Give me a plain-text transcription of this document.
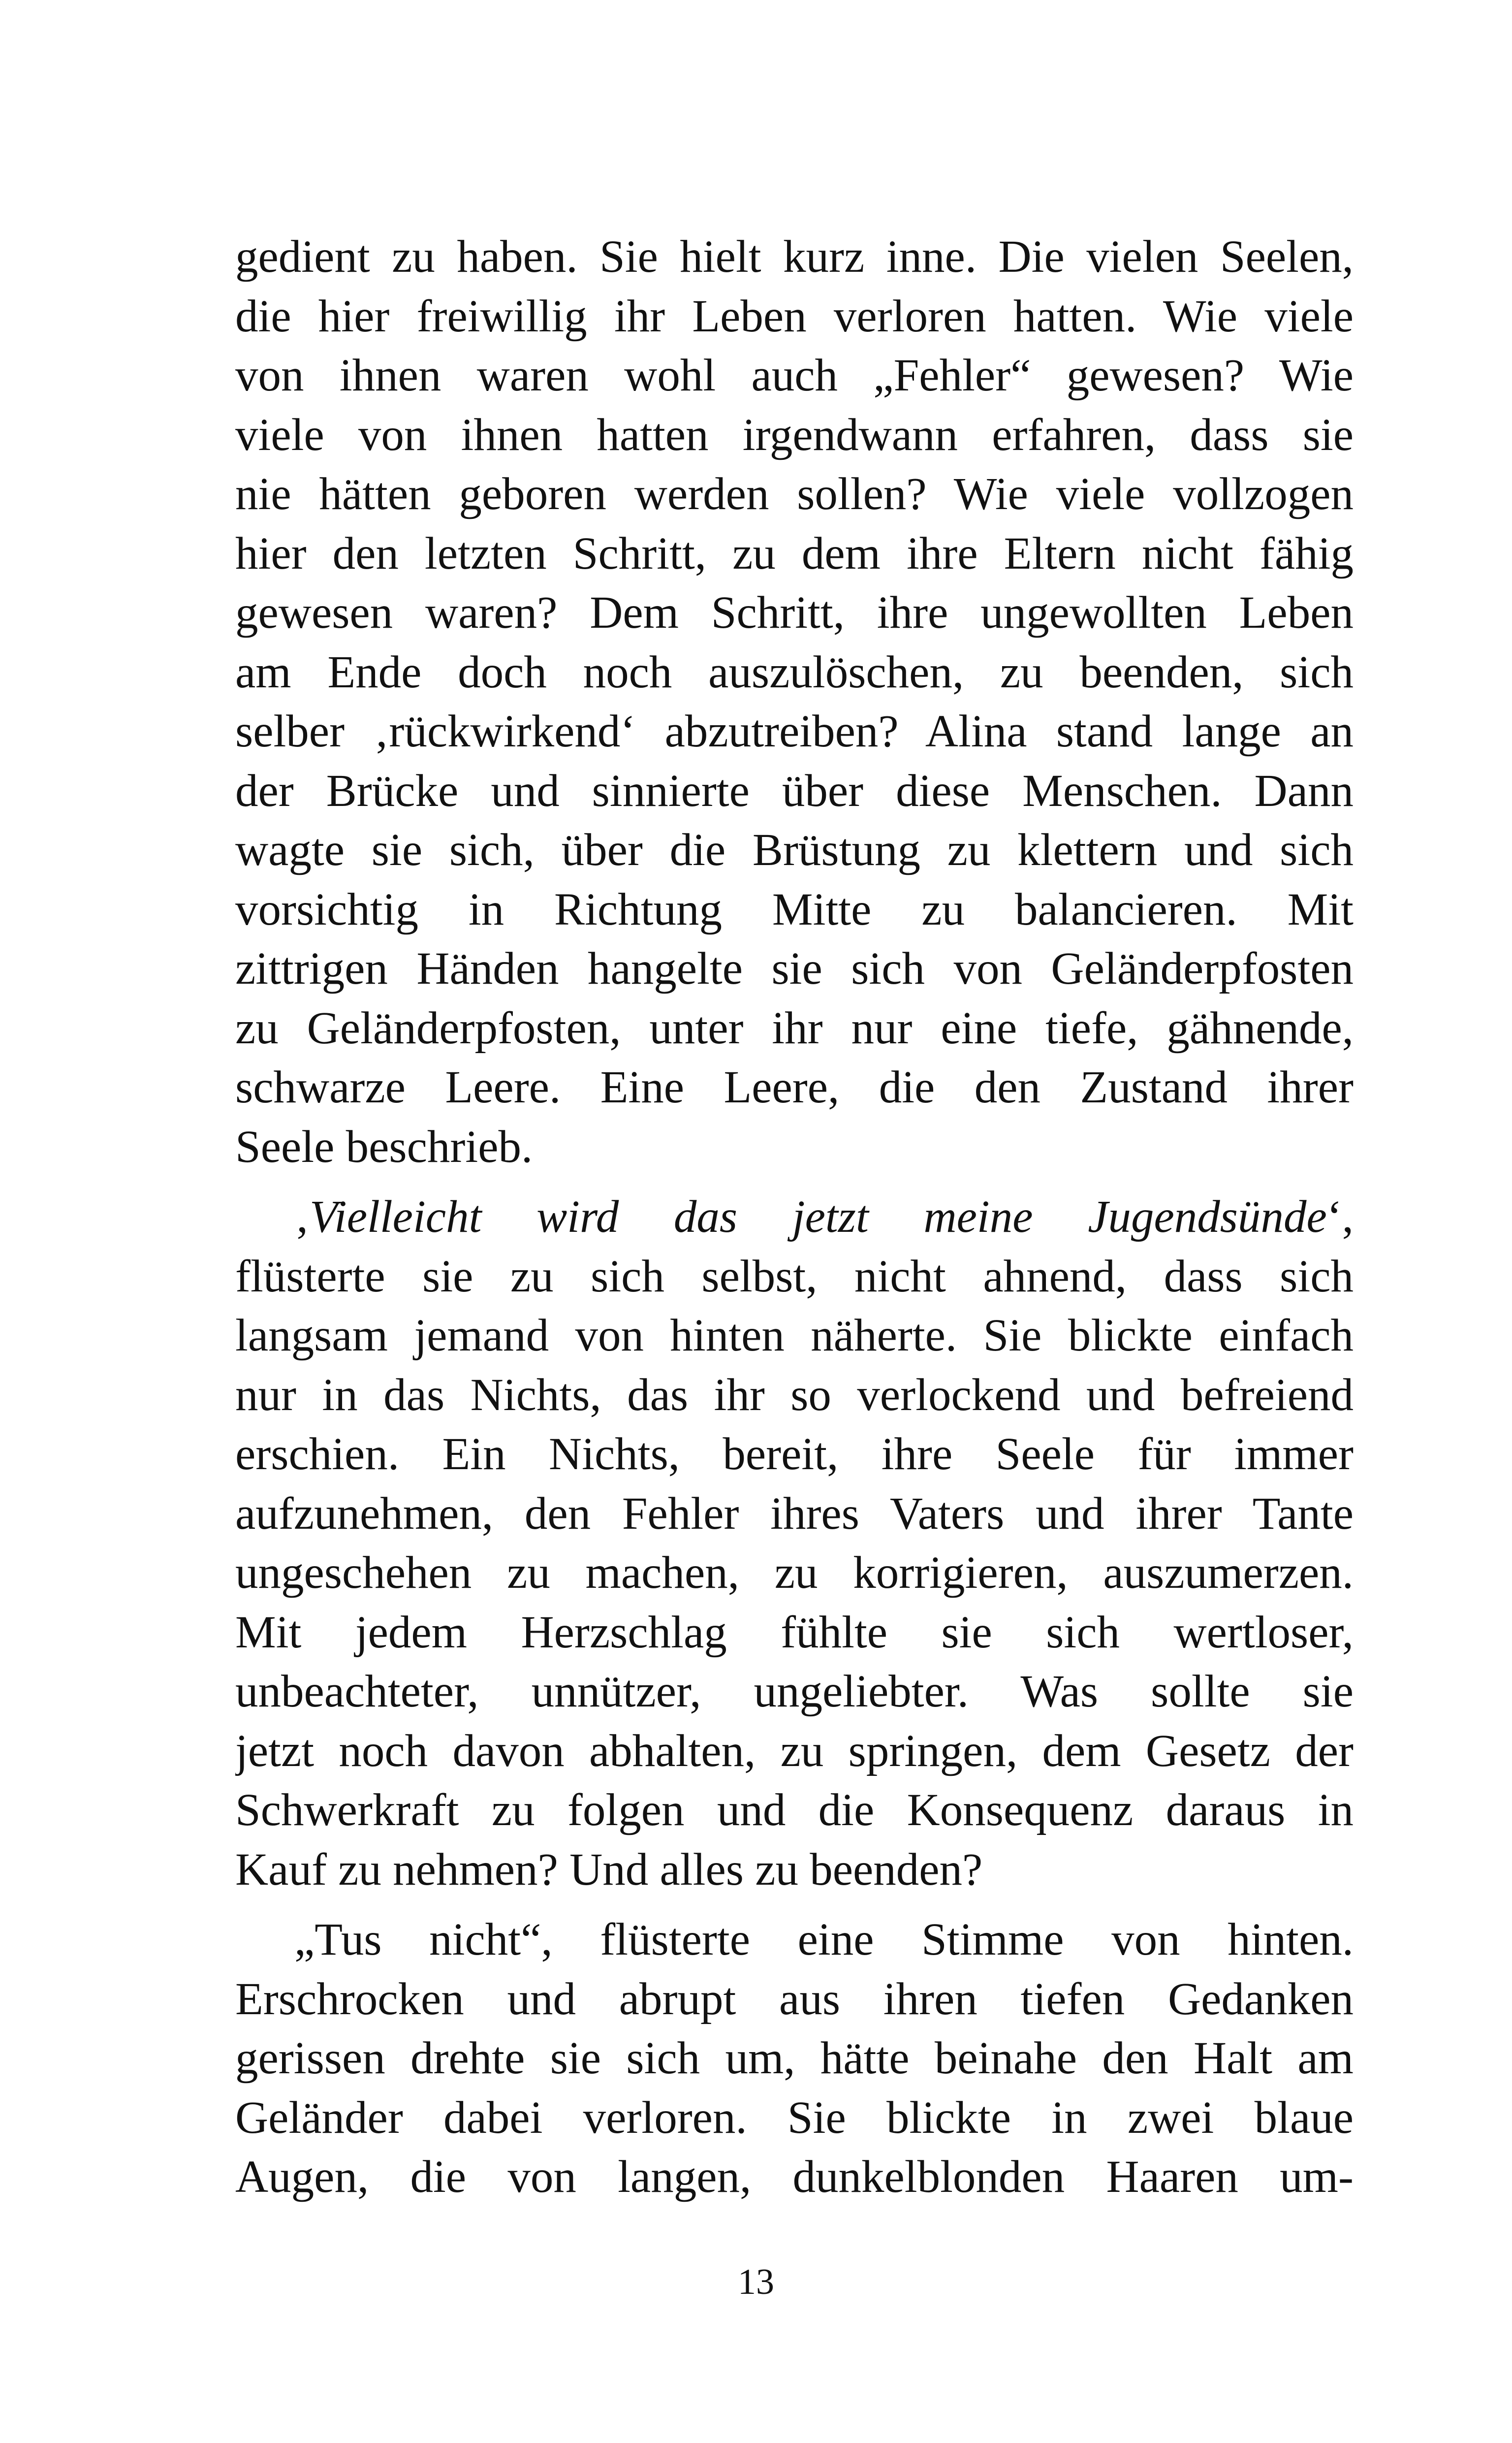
gedient zu haben. Sie hielt kurz inne. Die vielen Seelen,
die hier freiwillig ihr Leben verloren hatten. Wie viele
von ihnen waren wohl auch „Fehler“ gewesen? Wie
viele von ihnen hatten irgendwann erfahren, dass sie
nie hätten geboren werden sollen? Wie viele vollzogen
hier den letzten Schritt, zu dem ihre Eltern nicht fähig
gewesen waren? Dem Schritt, ihre ungewollten Leben
am Ende doch noch auszulöschen, zu beenden, sich
selber ‚rückwirkend‘ abzutreiben? Alina stand lange an
der Brücke und sinnierte über diese Menschen. Dann
wagte sie sich, über die Brüstung zu klettern und sich
vorsichtig in Richtung Mitte zu balancieren. Mit
zittrigen Händen hangelte sie sich von Geländerpfosten
zu Geländerpfosten, unter ihr nur eine tiefe, gähnende,
schwarze Leere. Eine Leere, die den Zustand ihrer
Seele beschrieb.
‚Vielleicht wird das jetzt meine Jugendsünde‘,
flüsterte sie zu sich selbst, nicht ahnend, dass sich
langsam jemand von hinten näherte. Sie blickte einfach
nur in das Nichts, das ihr so verlockend und befreiend
erschien. Ein Nichts, bereit, ihre Seele für immer
aufzunehmen, den Fehler ihres Vaters und ihrer Tante
ungeschehen zu machen, zu korrigieren, auszumerzen.
Mit jedem Herzschlag fühlte sie sich wertloser,
unbeachteter, unnützer, ungeliebter. Was sollte sie
jetzt noch davon abhalten, zu springen, dem Gesetz der
Schwerkraft zu folgen und die Konsequenz daraus in
Kauf zu nehmen? Und alles zu beenden?
„Tus nicht“, flüsterte eine Stimme von hinten.
Erschrocken und abrupt aus ihren tiefen Gedanken
gerissen drehte sie sich um, hätte beinahe den Halt am
Geländer dabei verloren. Sie blickte in zwei blaue
Augen, die von langen, dunkelblonden Haaren um-
13
